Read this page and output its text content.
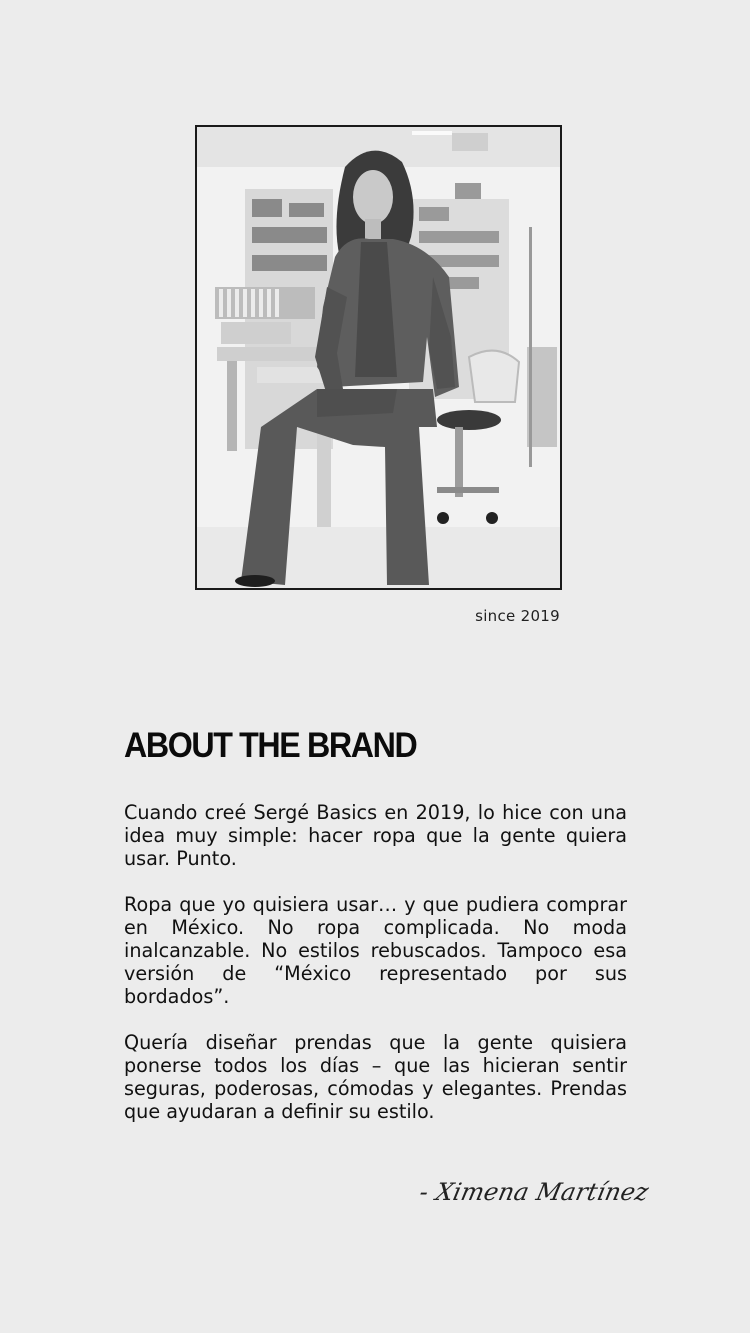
since 2019
ABOUT THE BRAND

Cuando creé Sergé Basics en 2019, lo hice con una idea muy simple: hacer ropa que la gente quiera usar. Punto.

Ropa que yo quisiera usar… y que pudiera comprar en México. No ropa complicada. No moda inalcanzable. No estilos rebuscados. Tampoco esa versión de “México representado por sus bordados”.

Quería diseñar prendas que la gente quisiera ponerse todos los días – que las hicieran sentir seguras, poderosas, cómodas y elegantes. Prendas que ayudaran a definir su estilo.

- Ximena Martínez
